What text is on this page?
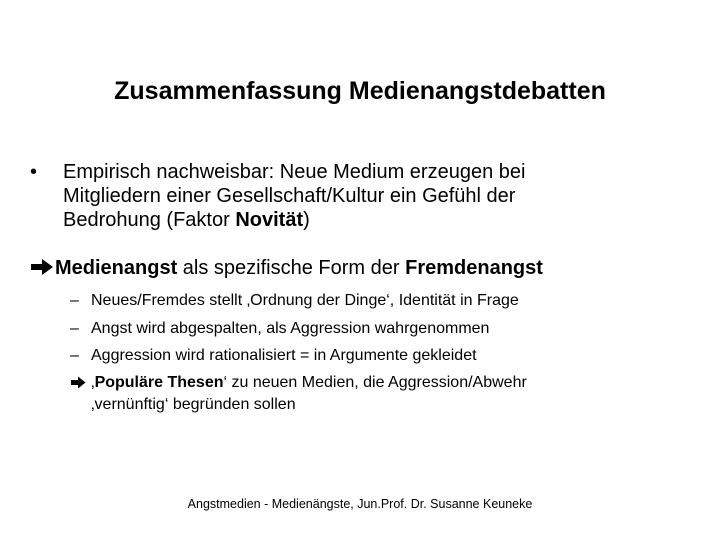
Zusammenfassung Medienangstdebatten
• Empirisch nachweisbar: Neue Medium erzeugen bei
Mitgliedern einer Gesellschaft/Kultur ein Gefühl der
Bedrohung (Faktor Novität)
Medienangst als spezifische Form der Fremdenangst
– Neues/Fremdes stellt ‚Ordnung der Dinge‘, Identität in Frage
– Angst wird abgespalten, als Aggression wahrgenommen
– Aggression wird rationalisiert = in Argumente gekleidet
‚Populäre Thesen‘ zu neuen Medien, die Aggression/Abwehr
‚vernünftig‘ begründen sollen
Angstmedien - Medienängste, Jun.Prof. Dr. Susanne Keuneke
